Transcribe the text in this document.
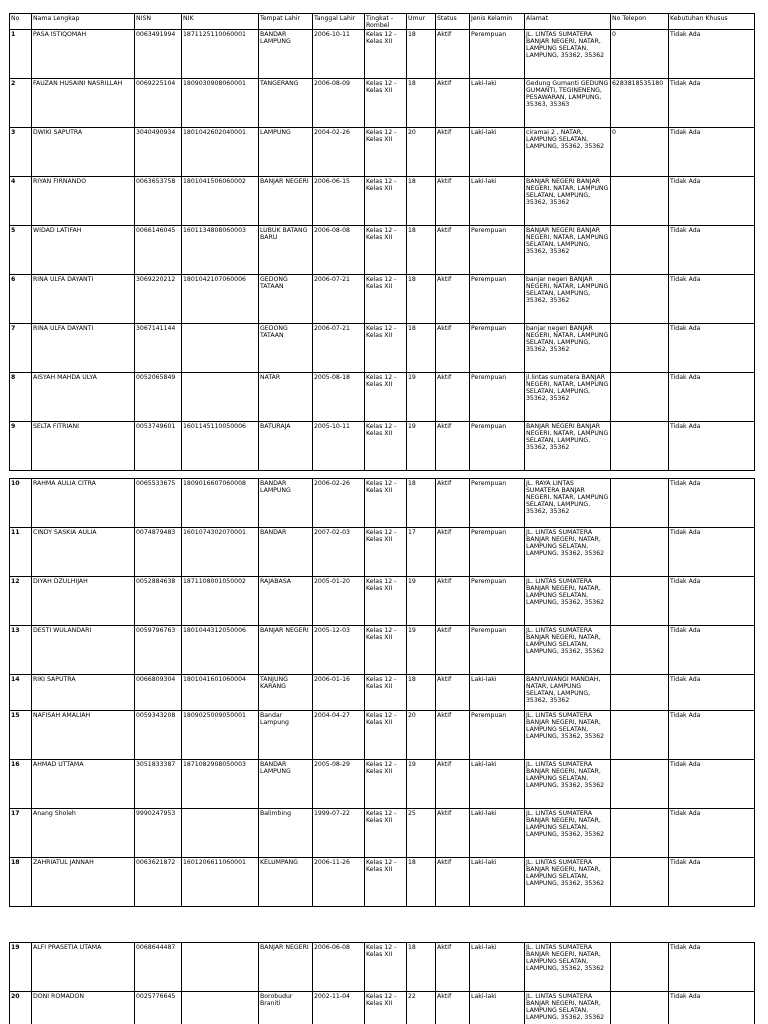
No	Nama Lengkap	NISN	NIK	Tempat Lahir	Tanggal Lahir	Tingkat - Rombel	Umur	Status	Jenis Kelamin	Alamat	No Telepon	Kebutuhan Khusus
1	PASA ISTIQOMAH	0063491994	1871125110060001	BANDAR LAMPUNG	2006-10-11	Kelas 12 - Kelas XII	18	Aktif	Perempuan	JL. LINTAS SUMATERA BANJAR NEGERI, NATAR, LAMPUNG SELATAN, LAMPUNG, 35362, 35362	0	Tidak Ada
2	FAUZAN HUSAINI NASRILLAH	0069225104	1809030908060001	TANGERANG	2006-08-09	Kelas 12 - Kelas XII	18	Aktif	Laki-laki	Gedung Gumanti GEDUNG GUMANTI, TEGINENENG, PESAWARAN, LAMPUNG, 35363, 35363	6283818535180	Tidak Ada
3	DWIKI SAPUTRA	3040490934	1801042602040001	LAMPUNG	2004-02-26	Kelas 12 - Kelas XII	20	Aktif	Laki-laki	ciramai 2 , NATAR, LAMPUNG SELATAN, LAMPUNG, 35362, 35362	0	Tidak Ada
4	RIYAN FIRNANDO	0063653758	1801041506060002	BANJAR NEGERI	2006-06-15	Kelas 12 - Kelas XII	18	Aktif	Laki-laki	BANJAR NEGERI BANJAR NEGERI, NATAR, LAMPUNG SELATAN, LAMPUNG, 35362, 35362		Tidak Ada
5	WIDAD LATIFAH	0066146045	1601134808060003	LUBUK BATANG BARU	2006-08-08	Kelas 12 - Kelas XII	18	Aktif	Perempuan	BANJAR NEGERI BANJAR NEGERI, NATAR, LAMPUNG SELATAN, LAMPUNG, 35362, 35362		Tidak Ada
6	RINA ULFA DAYANTI	3069220212	1801042107060006	GEDONG TATAAN	2006-07-21	Kelas 12 - Kelas XII	18	Aktif	Perempuan	banjar negeri BANJAR NEGERI, NATAR, LAMPUNG SELATAN, LAMPUNG, 35362, 35362		Tidak Ada
7	RINA ULFA DAYANTI	3067141144		GEDONG TATAAN	2006-07-21	Kelas 12 - Kelas XII	18	Aktif	Perempuan	banjar negeri BANJAR NEGERI, NATAR, LAMPUNG SELATAN, LAMPUNG, 35362, 35362		Tidak Ada
8	AISYAH MAHDA ULYA	0052065849		NATAR	2005-08-18	Kelas 12 - Kelas XII	19	Aktif	Perempuan	jl.lintas sumatera BANJAR NEGERI, NATAR, LAMPUNG SELATAN, LAMPUNG, 35362, 35362		Tidak Ada
9	SELTA FITRIANI	0053749601	1601145110050006	BATURAJA	2005-10-11	Kelas 12 - Kelas XII	19	Aktif	Perempuan	BANJAR NEGERI BANJAR NEGERI, NATAR, LAMPUNG SELATAN, LAMPUNG, 35362, 35362		Tidak Ada
10	RAHMA AULIA CITRA	0065533675	1809016607060008	BANDAR LAMPUNG	2006-02-26	Kelas 12 - Kelas XII	18	Aktif	Perempuan	JL. RAYA LINTAS SUMATERA BANJAR NEGERI, NATAR, LAMPUNG SELATAN, LAMPUNG, 35362, 35362		Tidak Ada
11	CINDY SASKIA AULIA	0074879483	1601074302070001	BANDAR	2007-02-03	Kelas 12 - Kelas XII	17	Aktif	Perempuan	JL. LINTAS SUMATERA BANJAR NEGERI, NATAR, LAMPUNG SELATAN, LAMPUNG, 35362, 35362		Tidak Ada
12	DIYAH DZULHIJAH	0052884638	1871108001050002	RAJABASA	2005-01-20	Kelas 12 - Kelas XII	19	Aktif	Perempuan	JL. LINTAS SUMATERA BANJAR NEGERI, NATAR, LAMPUNG SELATAN, LAMPUNG, 35362, 35362		Tidak Ada
13	DESTI WULANDARI	0059796763	1801044312050006	BANJAR NEGERI	2005-12-03	Kelas 12 - Kelas XII	19	Aktif	Perempuan	JL. LINTAS SUMATERA BANJAR NEGERI, NATAR, LAMPUNG SELATAN, LAMPUNG, 35362, 35362		Tidak Ada
14	RIKI SAPUTRA	0066809304	1801041601060004	TANJUNG KARANG	2006-01-16	Kelas 12 - Kelas XII	18	Aktif	Laki-laki	BANYUWANGI MANDAH, NATAR, LAMPUNG SELATAN, LAMPUNG, 35362, 35362		Tidak Ada
15	NAFISAH AMALIAH	0059343208	1809025009050001	Bandar Lampung	2004-04-27	Kelas 12 - Kelas XII	20	Aktif	Perempuan	JL. LINTAS SUMATERA BANJAR NEGERI, NATAR, LAMPUNG SELATAN, LAMPUNG, 35362, 35362		Tidak Ada
16	AHMAD UTTAMA	3051833387	1871082908050003	BANDAR LAMPUNG	2005-08-29	Kelas 12 - Kelas XII	19	Aktif	Laki-laki	JL. LINTAS SUMATERA BANJAR NEGERI, NATAR, LAMPUNG SELATAN, LAMPUNG, 35362, 35362		Tidak Ada
17	Anang Sholeh	9990247953		Balimbing	1999-07-22	Kelas 12 - Kelas XII	25	Aktif	Laki-laki	JL. LINTAS SUMATERA BANJAR NEGERI, NATAR, LAMPUNG SELATAN, LAMPUNG, 35362, 35362		Tidak Ada
18	ZAHRIATUL JANNAH	0063621872	1601206611060001	KELUMPANG	2006-11-26	Kelas 12 - Kelas XII	18	Aktif	Laki-laki	JL. LINTAS SUMATERA BANJAR NEGERI, NATAR, LAMPUNG SELATAN, LAMPUNG, 35362, 35362		Tidak Ada
19	ALFI PRASETIA UTAMA	0068644487		BANJAR NEGERI	2006-06-08	Kelas 12 - Kelas XII	18	Aktif	Laki-laki	JL. LINTAS SUMATERA BANJAR NEGERI, NATAR, LAMPUNG SELATAN, LAMPUNG, 35362, 35362		Tidak Ada
20	DONI ROMADON	0025776645		Borobudur Braniti	2002-11-04	Kelas 12 - Kelas XII	22	Aktif	Laki-laki	JL. LINTAS SUMATERA BANJAR NEGERI, NATAR, LAMPUNG SELATAN, LAMPUNG, 35362, 35362		Tidak Ada
